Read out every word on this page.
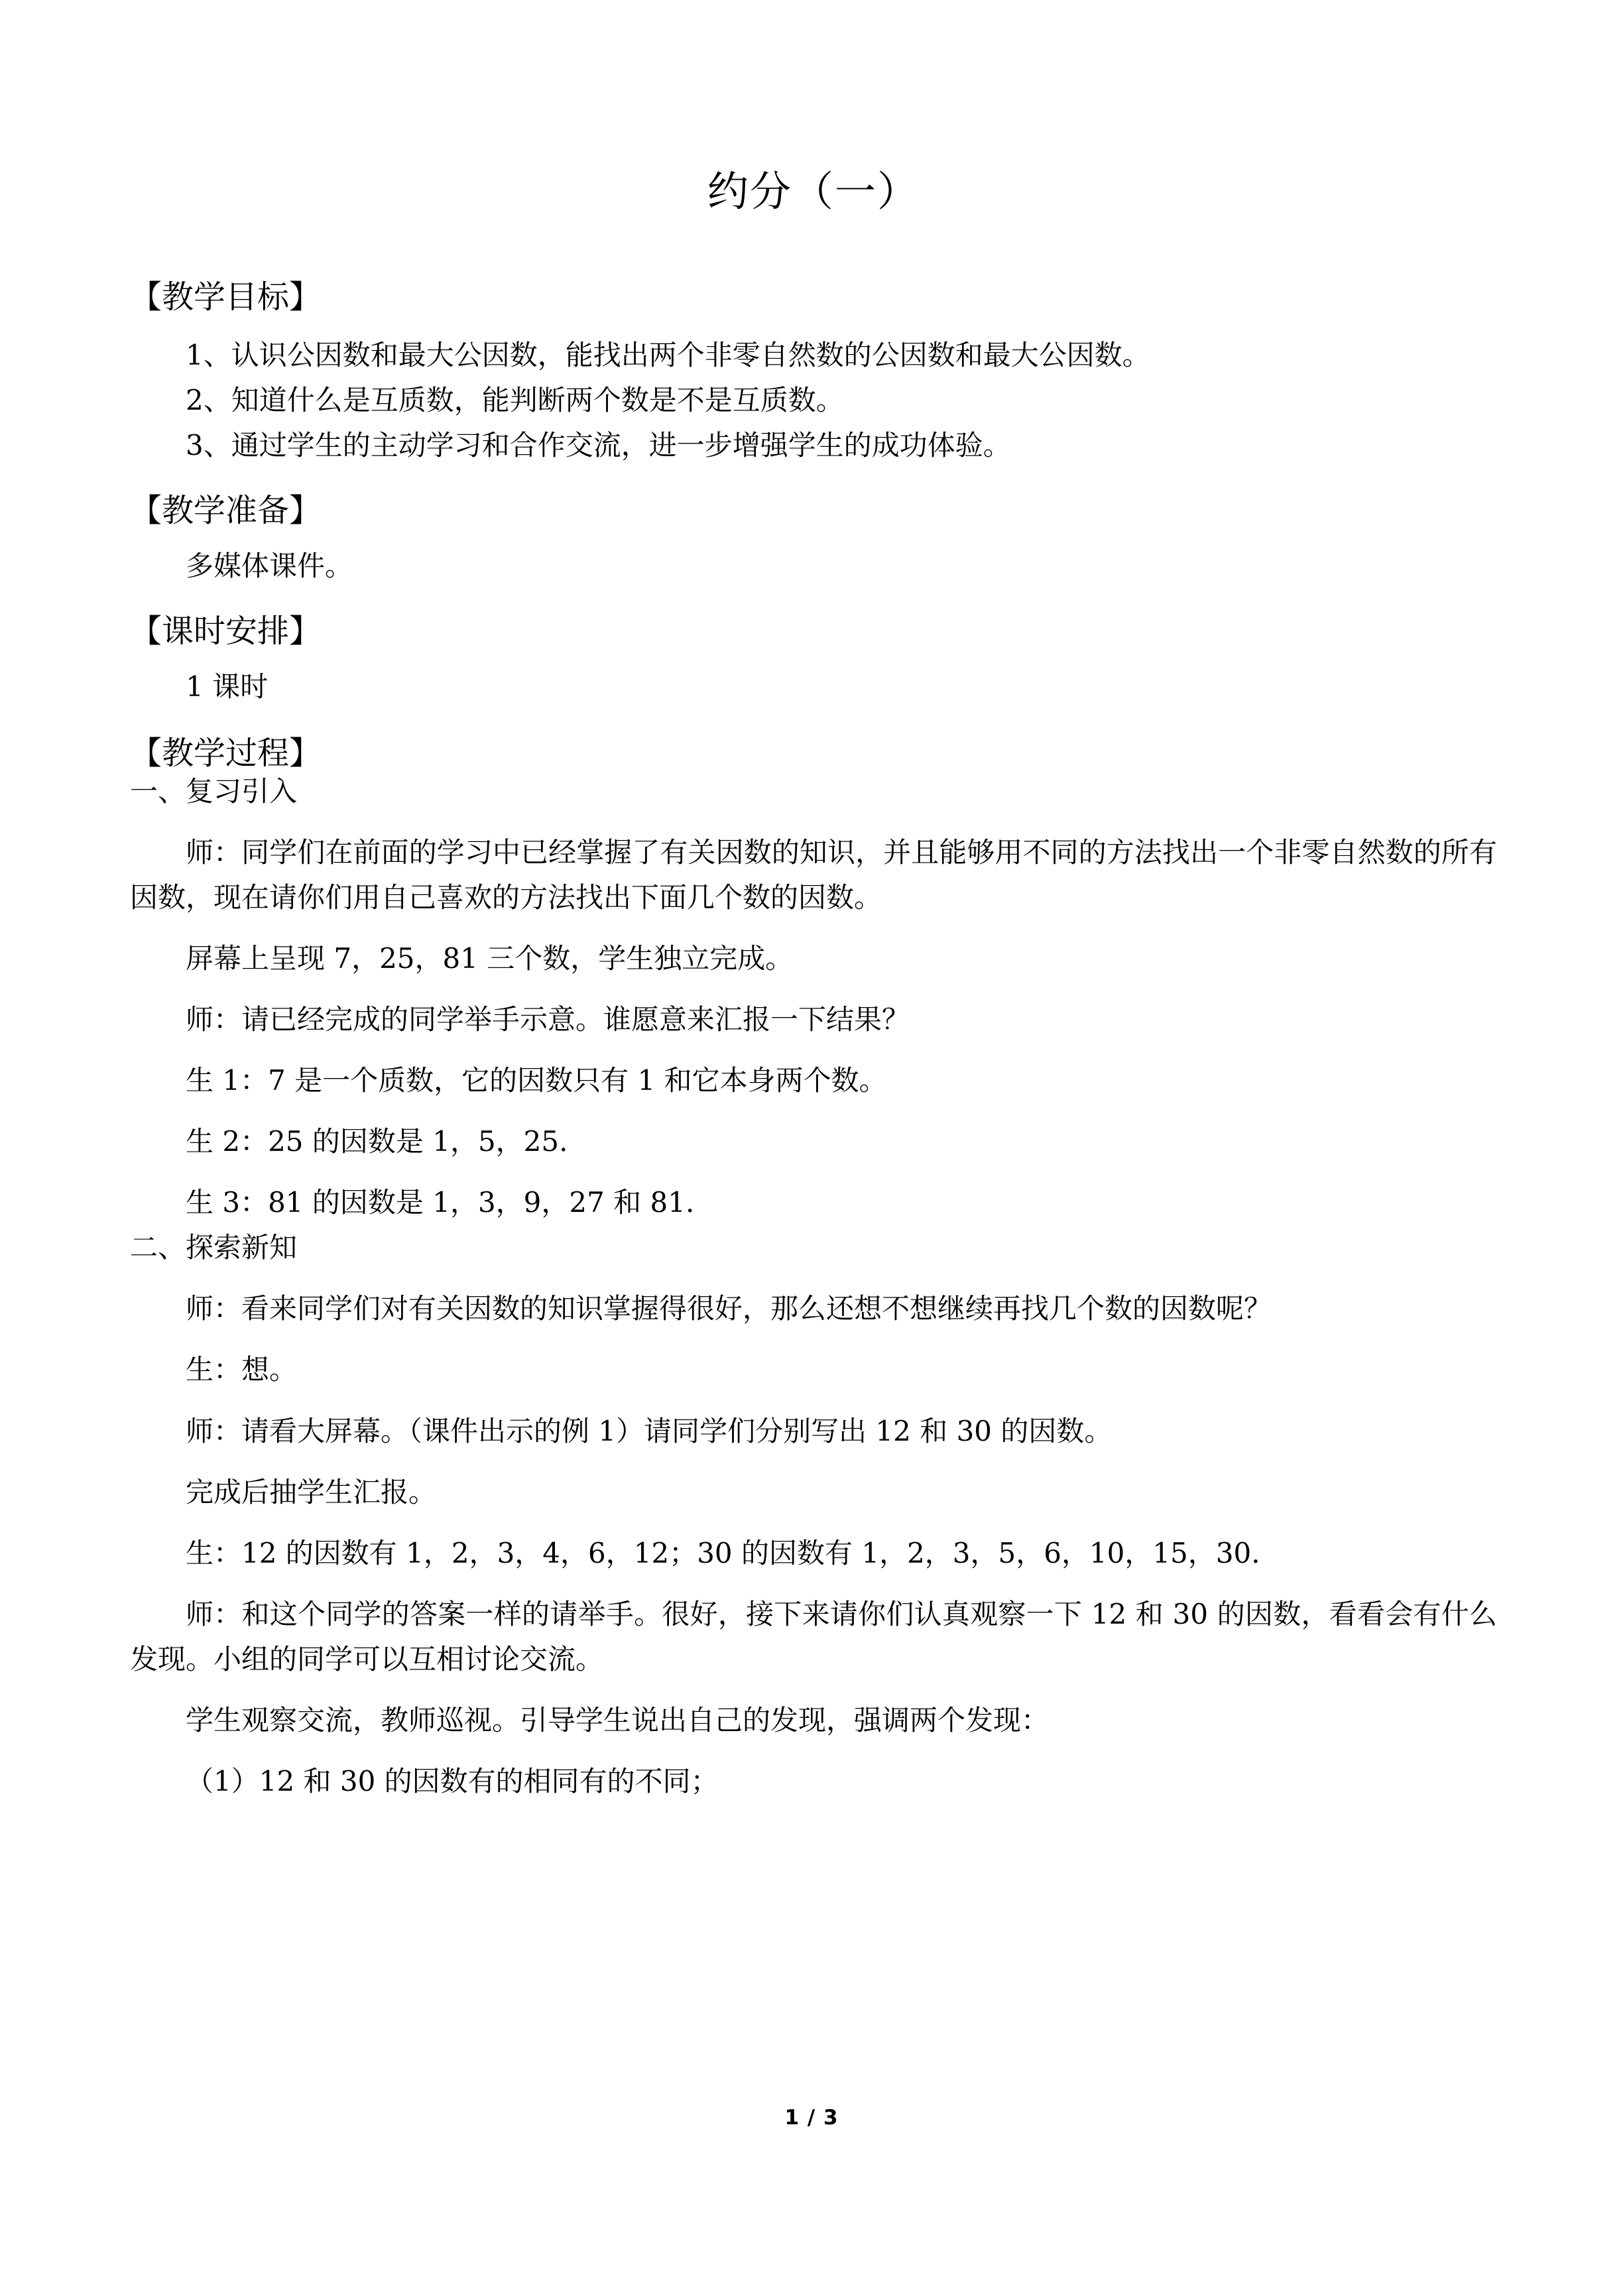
约分（一）
【教学目标】

1、认识公因数和最大公因数，能找出两个非零自然数的公因数和最大公因数。

2、知道什么是互质数，能判断两个数是不是互质数。

3、通过学生的主动学习和合作交流，进一步增强学生的成功体验。

【教学准备】

多媒体课件。

【课时安排】

1 课时

【教学过程】

一、复习引入

师：同学们在前面的学习中已经掌握了有关因数的知识，并且能够用不同的方法找出一个非零自然数的所有因数，现在请你们用自己喜欢的方法找出下面几个数的因数。

屏幕上呈现 7，25，81 三个数，学生独立完成。

师：请已经完成的同学举手示意。谁愿意来汇报一下结果？

生 1：7 是一个质数，它的因数只有 1 和它本身两个数。

生 2：25 的因数是 1，5，25.

生 3：81 的因数是 1，3，9，27 和 81.

二、探索新知

师：看来同学们对有关因数的知识掌握得很好，那么还想不想继续再找几个数的因数呢？

生：想。

师：请看大屏幕。（课件出示的例 1）请同学们分别写出 12 和 30 的因数。

完成后抽学生汇报。

生：12 的因数有 1，2，3，4，6，12；30 的因数有 1，2，3，5，6，10，15，30.

师：和这个同学的答案一样的请举手。很好，接下来请你们认真观察一下 12 和 30 的因数，看看会有什么发现。小组的同学可以互相讨论交流。

学生观察交流，教师巡视。引导学生说出自己的发现，强调两个发现：

（1）12 和 30 的因数有的相同有的不同；

1 / 3
